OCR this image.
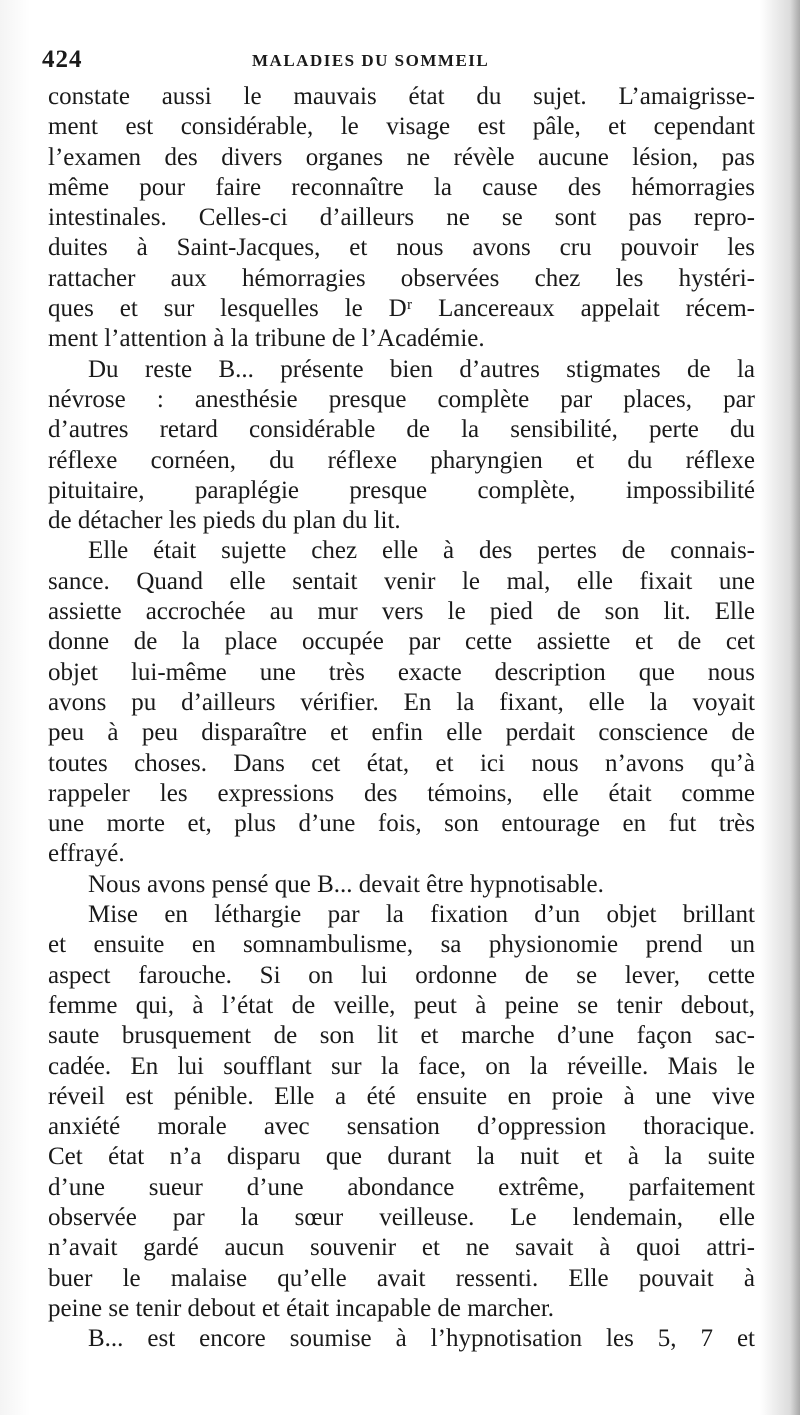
424	MALADIES DU SOMMEIL
constate aussi le mauvais état du sujet. L’amaigrisse-
ment est considérable, le visage est pâle, et cependant
l’examen des divers organes ne révèle aucune lésion, pas
même pour faire reconnaître la cause des hémorragies
intestinales. Celles-ci d’ailleurs ne se sont pas repro-
duites à Saint-Jacques, et nous avons cru pouvoir les
rattacher aux hémorragies observées chez les hystéri-
ques et sur lesquelles le Dʳ Lancereaux appelait récem-
ment l’attention à la tribune de l’Académie.
Du reste B... présente bien d’autres stigmates de la
névrose : anesthésie presque complète par places, par
d’autres retard considérable de la sensibilité, perte du
réflexe cornéen, du réflexe pharyngien et du réflexe
pituitaire, paraplégie presque complète, impossibilité
de détacher les pieds du plan du lit.
Elle était sujette chez elle à des pertes de connais-
sance. Quand elle sentait venir le mal, elle fixait une
assiette accrochée au mur vers le pied de son lit. Elle
donne de la place occupée par cette assiette et de cet
objet lui-même une très exacte description que nous
avons pu d’ailleurs vérifier. En la fixant, elle la voyait
peu à peu disparaître et enfin elle perdait conscience de
toutes choses. Dans cet état, et ici nous n’avons qu’à
rappeler les expressions des témoins, elle était comme
une morte et, plus d’une fois, son entourage en fut très
effrayé.
Nous avons pensé que B... devait être hypnotisable.
Mise en léthargie par la fixation d’un objet brillant
et ensuite en somnambulisme, sa physionomie prend un
aspect farouche. Si on lui ordonne de se lever, cette
femme qui, à l’état de veille, peut à peine se tenir debout,
saute brusquement de son lit et marche d’une façon sac-
cadée. En lui soufflant sur la face, on la réveille. Mais le
réveil est pénible. Elle a été ensuite en proie à une vive
anxiété morale avec sensation d’oppression thoracique.
Cet état n’a disparu que durant la nuit et à la suite
d’une sueur d’une abondance extrême, parfaitement
observée par la sœur veilleuse. Le lendemain, elle
n’avait gardé aucun souvenir et ne savait à quoi attri-
buer le malaise qu’elle avait ressenti. Elle pouvait à
peine se tenir debout et était incapable de marcher.
B... est encore soumise à l’hypnotisation les 5, 7 et
